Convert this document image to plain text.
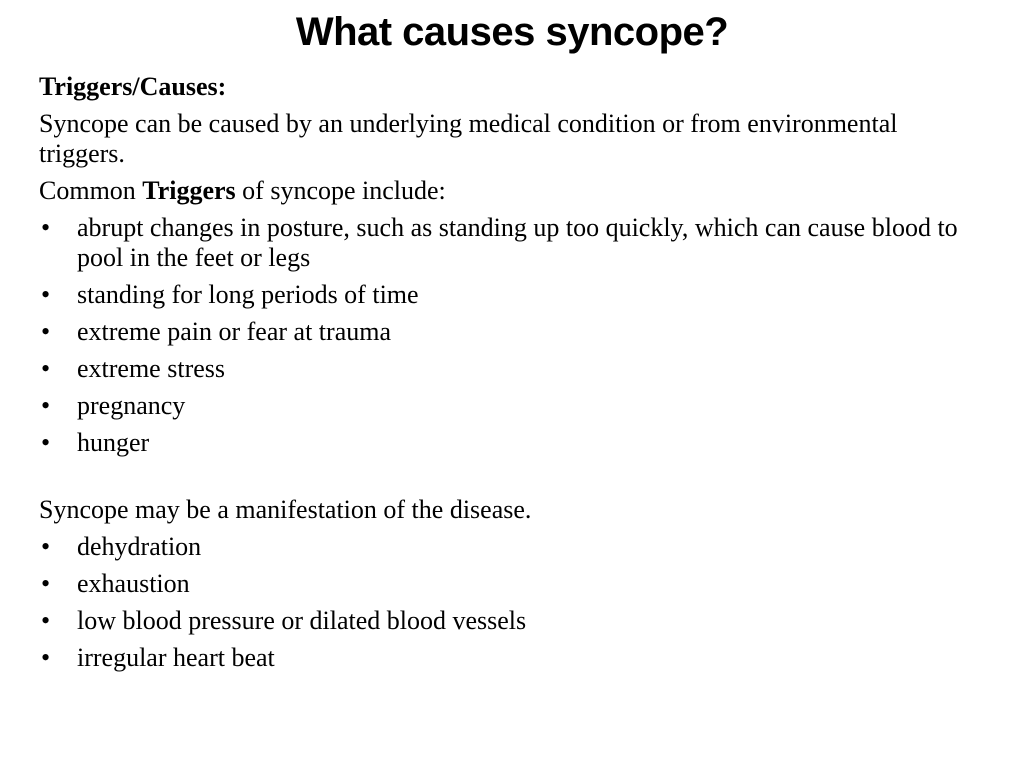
What causes syncope?
Triggers/Causes:
Syncope can be caused by an underlying medical condition or from environmental triggers.
Common Triggers of syncope include:
• abrupt changes in posture, such as standing up too quickly, which can cause blood to pool in the feet or legs
• standing for long periods of time
• extreme pain or fear at trauma
• extreme stress
• pregnancy
• hunger
Syncope may be a manifestation of the disease.
• dehydration
• exhaustion
• low blood pressure or dilated blood vessels
• irregular heart beat
